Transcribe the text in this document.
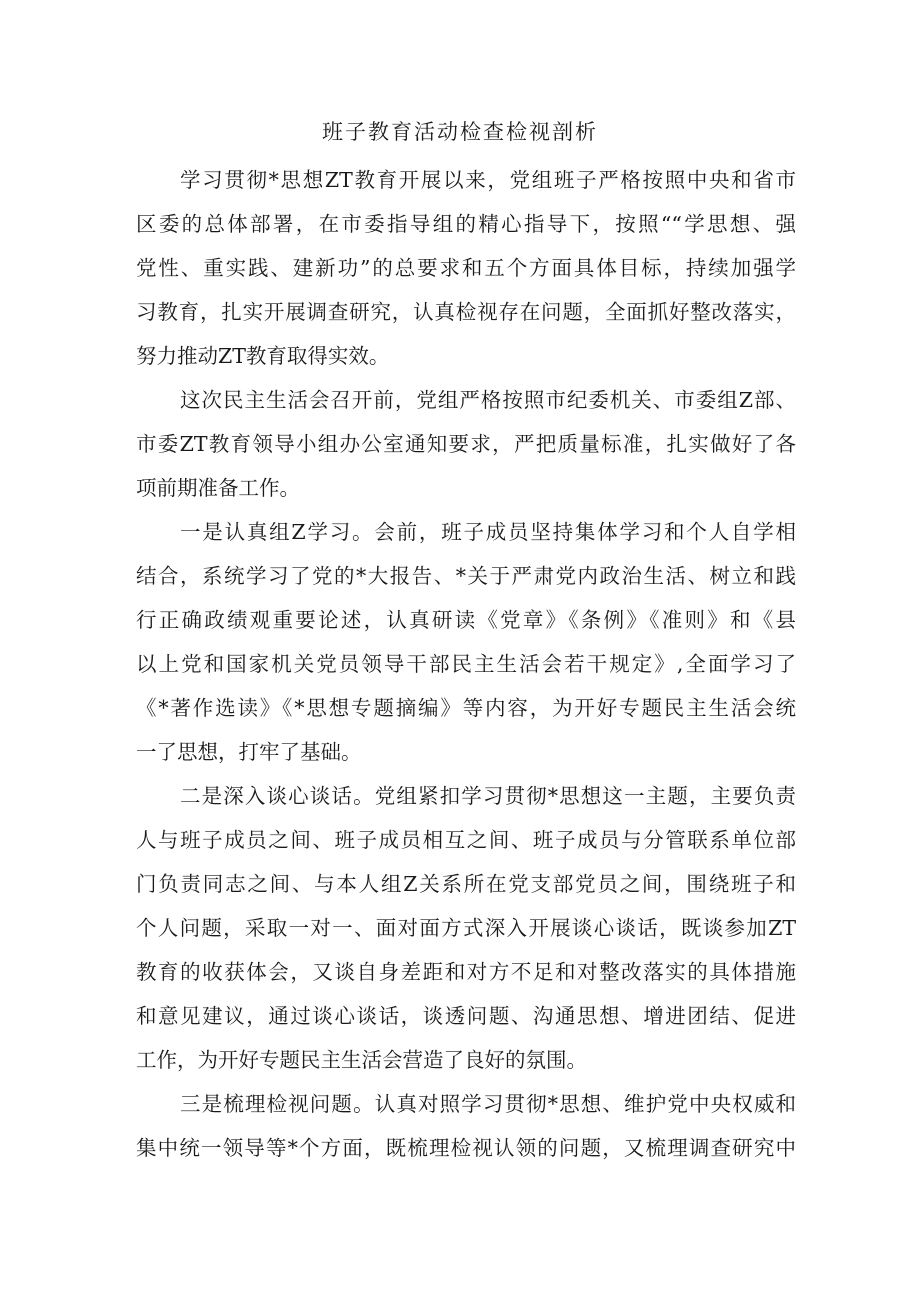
班子教育活动检查检视剖析

学习贯彻*思想ZT教育开展以来，党组班子严格按照中央和省市

区委的总体部署，在市委指导组的精心指导下，按照““学思想、强

党性、重实践、建新功”的总要求和五个方面具体目标，持续加强学

习教育，扎实开展调查研究，认真检视存在问题，全面抓好整改落实，

努力推动ZT教育取得实效。

这次民主生活会召开前，党组严格按照市纪委机关、市委组Z部、

市委ZT教育领导小组办公室通知要求，严把质量标准，扎实做好了各

项前期准备工作。

一是认真组Z学习。会前，班子成员坚持集体学习和个人自学相

结合，系统学习了党的*大报告、*关于严肃党内政治生活、树立和践

行正确政绩观重要论述，认真研读《党章》《条例》《准则》和《县

以上党和国家机关党员领导干部民主生活会若干规定》,全面学习了

《*著作选读》《*思想专题摘编》等内容，为开好专题民主生活会统

一了思想，打牢了基础。

二是深入谈心谈话。党组紧扣学习贯彻*思想这一主题，主要负责

人与班子成员之间、班子成员相互之间、班子成员与分管联系单位部

门负责同志之间、与本人组Z关系所在党支部党员之间，围绕班子和

个人问题，采取一对一、面对面方式深入开展谈心谈话，既谈参加ZT

教育的收获体会，又谈自身差距和对方不足和对整改落实的具体措施

和意见建议，通过谈心谈话，谈透问题、沟通思想、增进团结、促进

工作，为开好专题民主生活会营造了良好的氛围。

三是梳理检视问题。认真对照学习贯彻*思想、维护党中央权威和

集中统一领导等*个方面，既梳理检视认领的问题，又梳理调查研究中
